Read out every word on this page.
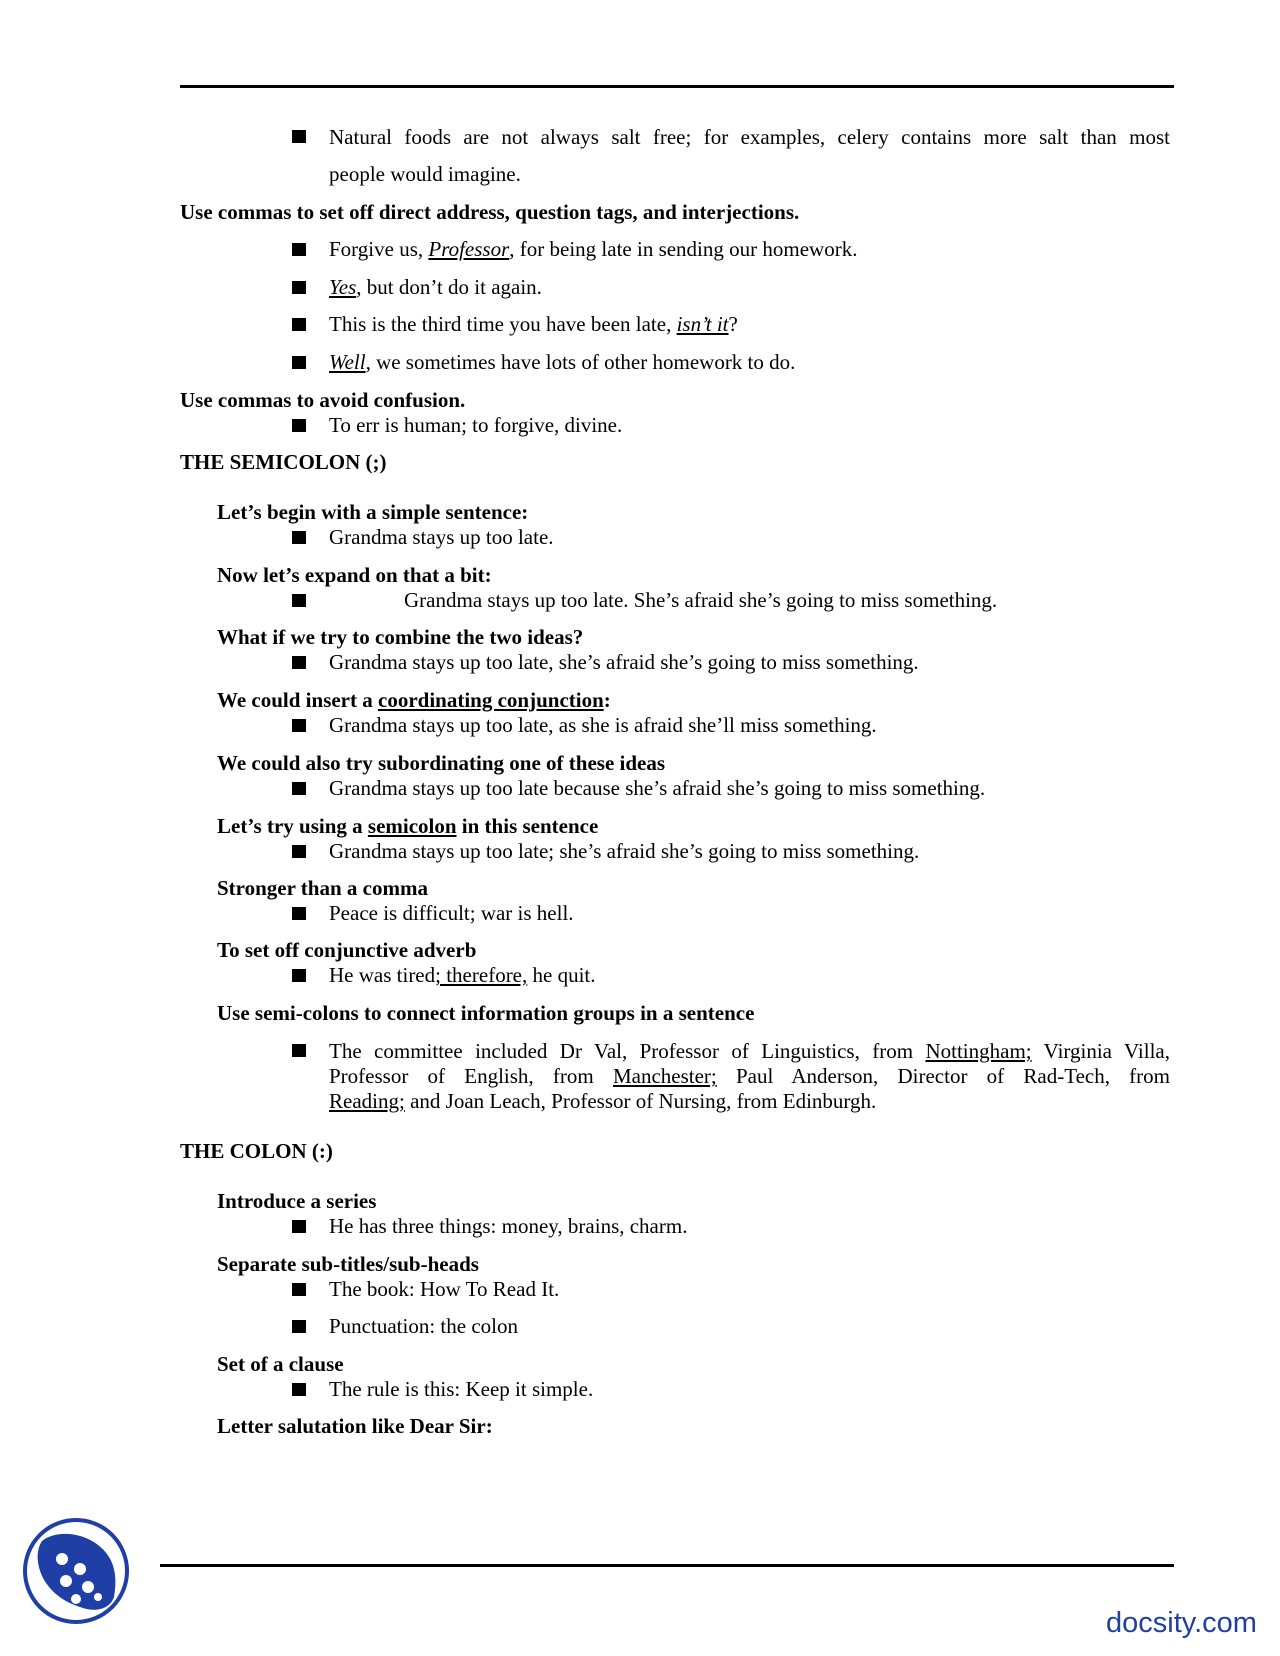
Natural foods are not always salt free; for examples, celery contains more salt than most
people would imagine.
Use commas to set off direct address, question tags, and interjections.
Forgive us, Professor, for being late in sending our homework.
Yes, but don’t do it again.
This is the third time you have been late, isn’t it?
Well, we sometimes have lots of other homework to do.
Use commas to avoid confusion.
To err is human; to forgive, divine.
THE SEMICOLON (;)
Let’s begin with a simple sentence:
Grandma stays up too late.
Now let’s expand on that a bit:
Grandma stays up too late. She’s afraid she’s going to miss something.
What if we try to combine the two ideas?
Grandma stays up too late, she’s afraid she’s going to miss something.
We could insert a coordinating conjunction:
Grandma stays up too late, as she is afraid she’ll miss something.
We could also try subordinating one of these ideas
Grandma stays up too late because she’s afraid she’s going to miss something.
Let’s try using a semicolon in this sentence
Grandma stays up too late; she’s afraid she’s going to miss something.
Stronger than a comma
Peace is difficult; war is hell.
To set off conjunctive adverb
He was tired; therefore, he quit.
Use semi-colons to connect information groups in a sentence
The committee included Dr Val, Professor of Linguistics, from Nottingham; Virginia Villa,
Professor of English, from Manchester; Paul Anderson, Director of Rad-Tech, from
Reading; and Joan Leach, Professor of Nursing, from Edinburgh.
THE COLON (:)
Introduce a series
He has three things: money, brains, charm.
Separate sub-titles/sub-heads
The book: How To Read It.
Punctuation: the colon
Set of a clause
The rule is this: Keep it simple.
Letter salutation like Dear Sir:
docsity.com
